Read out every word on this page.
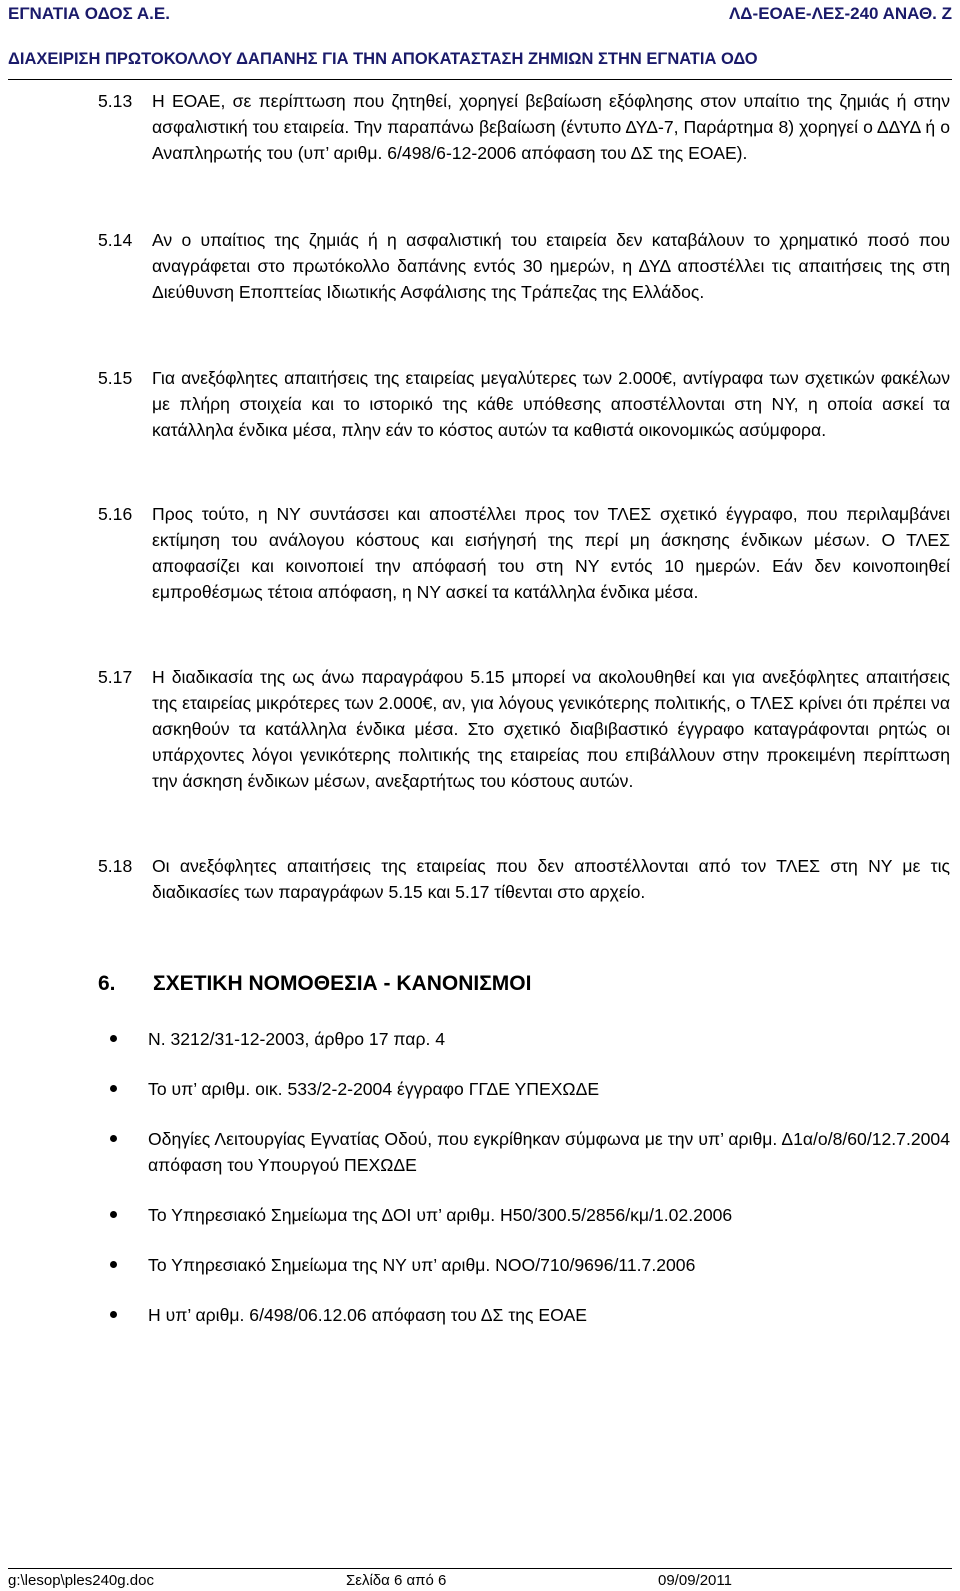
ΕΓΝΑΤΙΑ ΟΔΟΣ Α.Ε.	ΛΔ-ΕΟΑΕ-ΛΕΣ-240 ΑΝΑΘ. Ζ
ΔΙΑΧΕΙΡΙΣΗ ΠΡΩΤΟΚΟΛΛΟΥ ΔΑΠΑΝΗΣ ΓΙΑ ΤΗΝ ΑΠΟΚΑΤΑΣΤΑΣΗ ΖΗΜΙΩΝ ΣΤΗΝ ΕΓΝΑΤΙΑ ΟΔΟ
5.13 Η ΕΟΑΕ, σε περίπτωση που ζητηθεί, χορηγεί βεβαίωση εξόφλησης στον υπαίτιο της ζημιάς ή στην ασφαλιστική του εταιρεία. Την παραπάνω βεβαίωση (έντυπο ΔΥΔ-7, Παράρτημα 8) χορηγεί ο ΔΔΥΔ ή ο Αναπληρωτής του (υπ’ αριθμ. 6/498/6-12-2006 απόφαση του ΔΣ της ΕΟΑΕ).
5.14 Αν ο υπαίτιος της ζημιάς ή η ασφαλιστική του εταιρεία δεν καταβάλουν το χρηματικό ποσό που αναγράφεται στο πρωτόκολλο δαπάνης εντός 30 ημερών, η ΔΥΔ αποστέλλει τις απαιτήσεις της στη Διεύθυνση Εποπτείας Ιδιωτικής Ασφάλισης της Τράπεζας της Ελλάδος.
5.15 Για ανεξόφλητες απαιτήσεις της εταιρείας μεγαλύτερες των 2.000€, αντίγραφα των σχετικών φακέλων με πλήρη στοιχεία και το ιστορικό της κάθε υπόθεσης αποστέλλονται στη ΝΥ, η οποία ασκεί τα κατάλληλα ένδικα μέσα, πλην εάν το κόστος αυτών τα καθιστά οικονομικώς ασύμφορα.
5.16 Προς τούτο, η ΝΥ συντάσσει και αποστέλλει προς τον ΤΛΕΣ σχετικό έγγραφο, που περιλαμβάνει εκτίμηση του ανάλογου κόστους και εισήγησή της περί μη άσκησης ένδικων μέσων. Ο ΤΛΕΣ αποφασίζει και κοινοποιεί την απόφασή του στη ΝΥ εντός 10 ημερών. Εάν δεν κοινοποιηθεί εμπροθέσμως τέτοια απόφαση, η ΝΥ ασκεί τα κατάλληλα ένδικα μέσα.
5.17 Η διαδικασία της ως άνω παραγράφου 5.15 μπορεί να ακολουθηθεί και για ανεξόφλητες απαιτήσεις της εταιρείας μικρότερες των 2.000€, αν, για λόγους γενικότερης πολιτικής, ο ΤΛΕΣ κρίνει ότι πρέπει να ασκηθούν τα κατάλληλα ένδικα μέσα. Στο σχετικό διαβιβαστικό έγγραφο καταγράφονται ρητώς οι υπάρχοντες λόγοι γενικότερης πολιτικής της εταιρείας που επιβάλλουν στην προκειμένη περίπτωση την άσκηση ένδικων μέσων, ανεξαρτήτως του κόστους αυτών.
5.18 Οι ανεξόφλητες απαιτήσεις της εταιρείας που δεν αποστέλλονται από τον ΤΛΕΣ στη ΝΥ με τις διαδικασίες των παραγράφων 5.15 και 5.17 τίθενται στο αρχείο.
6.	ΣΧΕΤΙΚΗ ΝΟΜΟΘΕΣΙΑ - ΚΑΝΟΝΙΣΜΟΙ
Ν. 3212/31-12-2003, άρθρο 17 παρ. 4
Το υπ’ αριθμ. οικ. 533/2-2-2004 έγγραφο ΓΓΔΕ ΥΠΕΧΩΔΕ
Οδηγίες Λειτουργίας Εγνατίας Οδού, που εγκρίθηκαν σύμφωνα με την υπ’ αριθμ. Δ1α/ο/8/60/12.7.2004 απόφαση του Υπουργού ΠΕΧΩΔΕ
Το Υπηρεσιακό Σημείωμα της ΔΟΙ υπ’ αριθμ. Η50/300.5/2856/κμ/1.02.2006
Το Υπηρεσιακό Σημείωμα της ΝΥ υπ’ αριθμ. ΝΟΟ/710/9696/11.7.2006
Η υπ’ αριθμ. 6/498/06.12.06 απόφαση του ΔΣ της ΕΟΑΕ
g:\lesop\ples240g.doc	Σελίδα 6 από 6	09/09/2011
